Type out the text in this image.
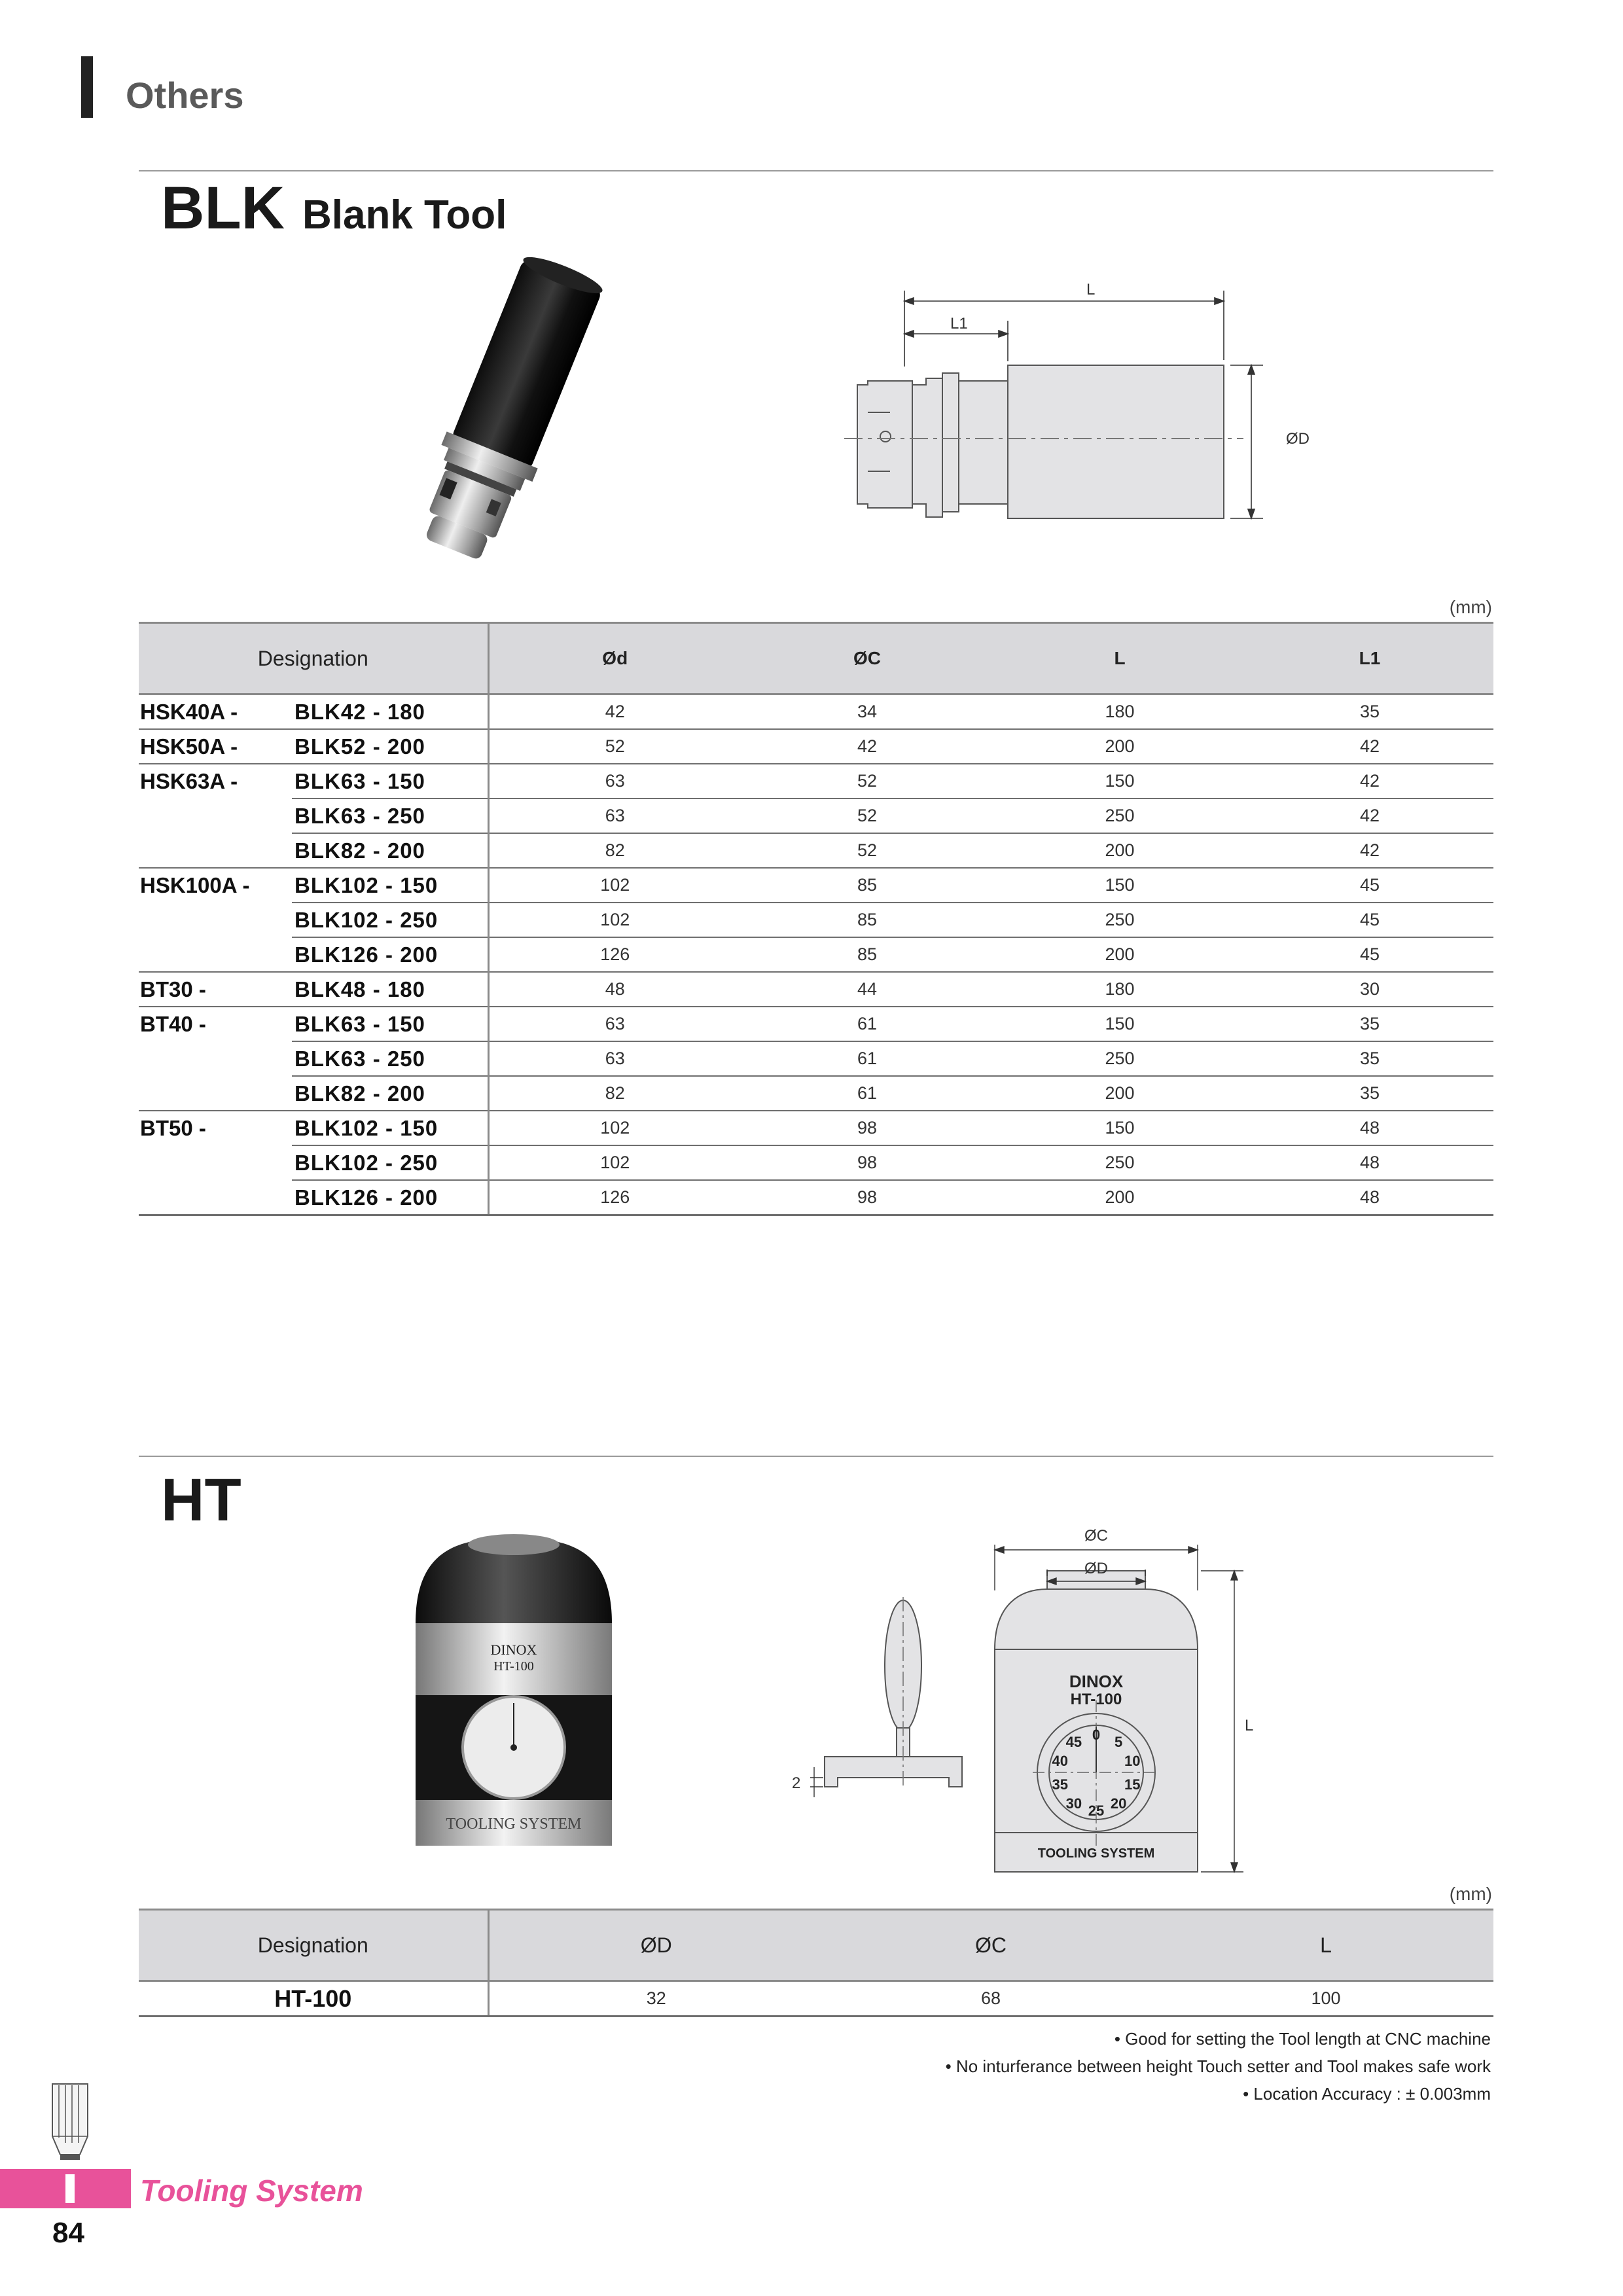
Others
BLK Blank Tool
L
L1
ØD
(mm)
Designation		Ød	ØC	L	L1
HSK40A -	BLK42 - 180	42	34	180	35
HSK50A -	BLK52 - 200	52	42	200	42
HSK63A -	BLK63 - 150	63	52	150	42
	BLK63 - 250	63	52	250	42
	BLK82 - 200	82	52	200	42
HSK100A -	BLK102 - 150	102	85	150	45
	BLK102 - 250	102	85	250	45
	BLK126 - 200	126	85	200	45
BT30 -	BLK48 - 180	48	44	180	30
BT40 -	BLK63 - 150	63	61	150	35
	BLK63 - 250	63	61	250	35
	BLK82 - 200	82	61	200	35
BT50 -	BLK102 - 150	102	98	150	48
	BLK102 - 250	102	98	250	48
	BLK126 - 200	126	98	200	48
HT
DINOX
HT-100
TOOLING SYSTEM
2
DINOX
HT-100
0 5
10
15
20
25
30
35
40
45
TOOLING SYSTEM
ØC
ØD
L
(mm)
Designation	ØD	ØC	L
HT-100	32	68	100
• Good for setting the Tool length at CNC machine
• No inturferance between height Touch setter and Tool makes safe work
• Location Accuracy : ± 0.003mm
Tooling System
84
